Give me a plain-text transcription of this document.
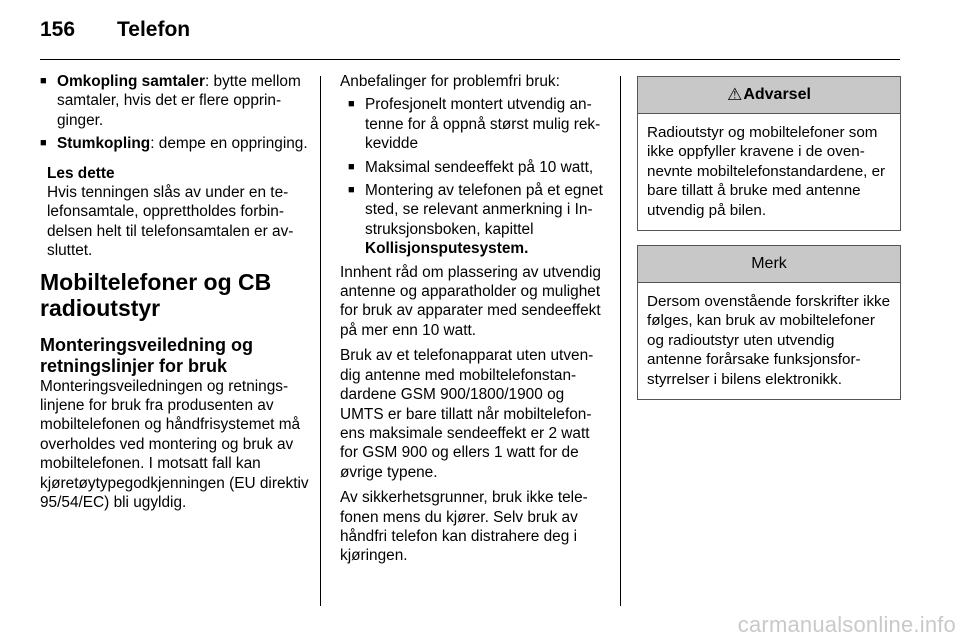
156 Telefon
■ Omkopling samtaler: bytte mellom samtaler, hvis det er flere oppringinger.
■ Stumkopling: dempe en oppringing.
Les dette
Hvis tenningen slås av under en telefonsamtale, opprettholdes forbindelsen helt til telefonsamtalen er avsluttet.
Mobiltelefoner og CB radioutstyr
Monteringsveiledning og retningslinjer for bruk

Monteringsveiledningen og retningslinjene for bruk fra produsenten av mobiltelefonen og håndfrisystemet må overholdes ved montering og bruk av mobiltelefonen. I motsatt fall kan kjøretøytypegodkjenningen (EU direktiv 95/54/EC) bli ugyldig.

Anbefalinger for problemfri bruk:

■ Profesjonelt montert utvendig antenne for å oppnå størst mulig rekkevidde
■ Maksimal sendeeffekt på 10 watt,
■ Montering av telefonen på et egnet sted, se relevant anmerkning i Instruksjonsboken, kapittel
Kollisjonsputesystem.

Innhent råd om plassering av utvendig antenne og apparatholder og mulighet for bruk av apparater med sendeeffekt på mer enn 10 watt.

Bruk av et telefonapparat uten utvendig antenne med mobiltelefonstandardene GSM 900/1800/1900 og UMTS er bare tillatt når mobiltelefonens maksimale sendeeffekt er 2 watt for GSM 900 og ellers 1 watt for de øvrige typene.

Av sikkerhetsgrunner, bruk ikke telefonen mens du kjører. Selv bruk av håndfri telefon kan distrahere deg i kjøringen.

⚠ Advarsel
Radioutstyr og mobiltelefoner som ikke oppfyller kravene i de ovennevnte mobiltelefonstandardene, er bare tillatt å bruke med antenne utvendig på bilen.
Merk
Dersom ovenstående forskrifter ikke følges, kan bruk av mobiltelefoner og radioutstyr uten utvendig antenne forårsake funksjonsforstyrrelser i bilens elektronikk.
carmanualsonline.info
